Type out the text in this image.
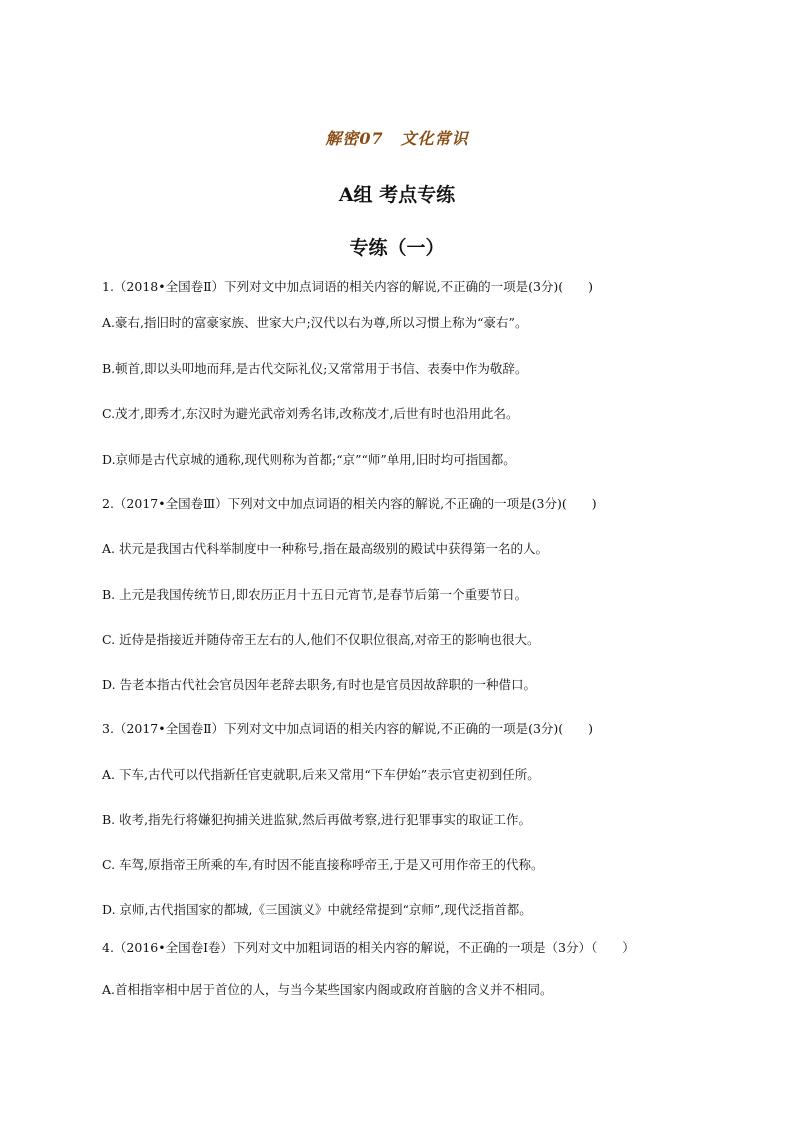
解密07　文化常识
A组 考点专练
专练（一）
1.（2018•全国卷Ⅱ）下列对文中加点词语的相关内容的解说,不正确的一项是(3分)(　　)
A.豪右,指旧时的富豪家族、世家大户;汉代以右为尊,所以习惯上称为“豪右”。
B.顿首,即以头叩地而拜,是古代交际礼仪;又常常用于书信、表奏中作为敬辞。
C.茂才,即秀才,东汉时为避光武帝刘秀名讳,改称茂才,后世有时也沿用此名。
D.京师是古代京城的通称,现代则称为首都;“京”“师”单用,旧时均可指国都。
2.（2017•全国卷Ⅲ）下列对文中加点词语的相关内容的解说,不正确的一项是(3分)(　　)
A. 状元是我国古代科举制度中一种称号,指在最高级别的殿试中获得第一名的人。
B. 上元是我国传统节日,即农历正月十五日元宵节,是春节后第一个重要节日。
C. 近侍是指接近并随侍帝王左右的人,他们不仅职位很高,对帝王的影响也很大。
D. 告老本指古代社会官员因年老辞去职务,有时也是官员因故辞职的一种借口。
3.（2017•全国卷Ⅱ）下列对文中加点词语的相关内容的解说,不正确的一项是(3分)(　　)
A. 下车,古代可以代指新任官吏就职,后来又常用“下车伊始”表示官吏初到任所。
B. 收考,指先行将嫌犯拘捕关进监狱,然后再做考察,进行犯罪事实的取证工作。
C. 车驾,原指帝王所乘的车,有时因不能直接称呼帝王,于是又可用作帝王的代称。
D. 京师,古代指国家的都城,《三国演义》中就经常提到“京师”,现代泛指首都。
4.（2016•全国卷Ⅰ卷）下列对文中加粗词语的相关内容的解说，不正确的一项是（3分）（　　）
A.首相指宰相中居于首位的人，与当今某些国家内阁或政府首脑的含义并不相同。
